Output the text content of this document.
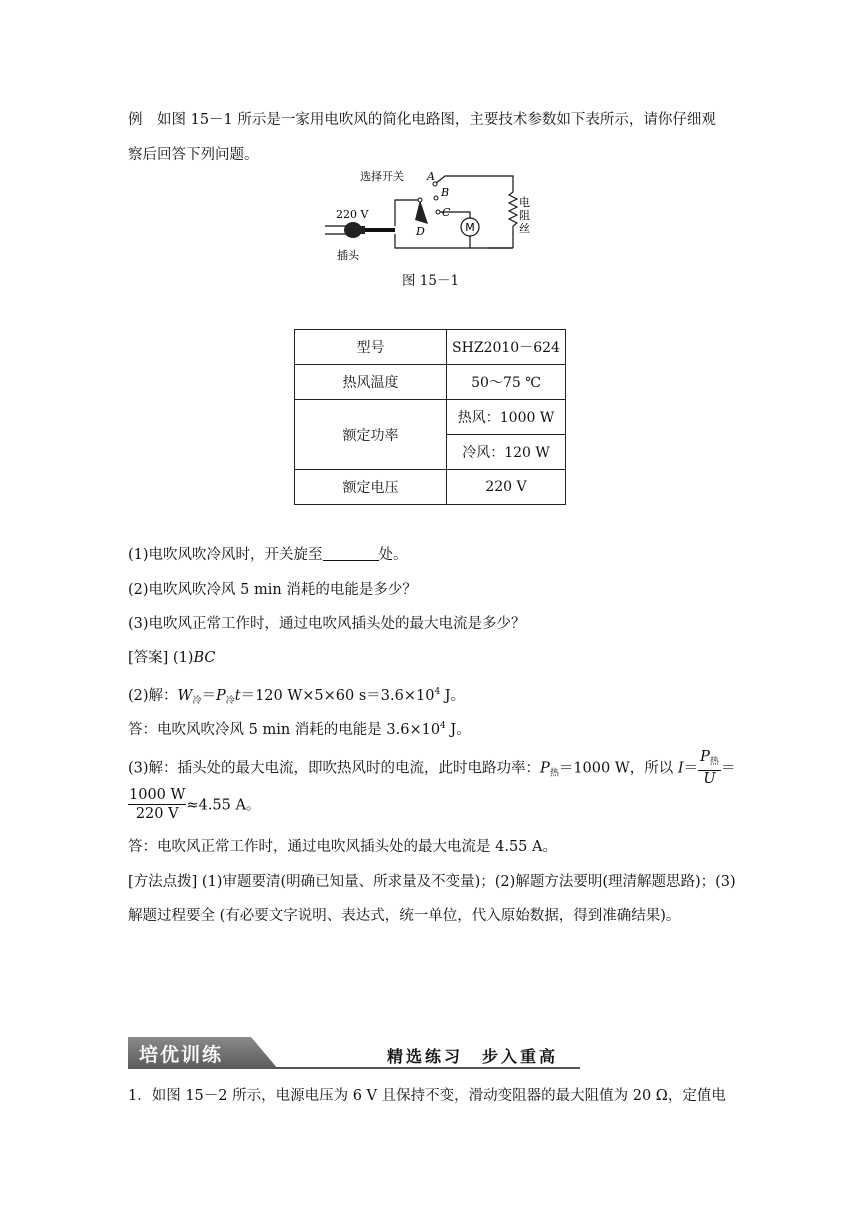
例　如图 15－1 所示是一家用电吹风的简化电路图，主要技术参数如下表所示，请你仔细观
察后回答下列问题。
M
选择开关 A
B
C
D
220 V
插头
电
阻
丝
图 15－1
型号	SHZ2010－624
热风温度	50～75 ℃
额定功率	热风：1000 W
	冷风：120 W
额定电压	220 V
(1)电吹风吹冷风时，开关旋至	处。
(2)电吹风吹冷风 5 min 消耗的电能是多少？
(3)电吹风正常工作时，通过电吹风插头处的最大电流是多少？
[答案] (1)BC
(2)解：$W_冷=P_冷t=120$ W×5×60 $s=3.6\times 10^4$ J。
答：电吹风吹冷风 5 min 消耗的电能是 $3.6\times 10^4$ J。
(3)解：插头处的最大电流，即吹热风时的电流，此时电路功率：$P_热=1000$ W，所以 $I= \frac{P_热}{U}$ ＝
$\frac{1000 W}{220 V} \approx 4.55$ A。
答：电吹风正常工作时，通过电吹风插头处的最大电流是 4.55 A。
[方法点拨] (1)审题要清(明确已知量、所求量及不变量)；(2)解题方法要明(理清解题思路)；(3)
解题过程要全 (有必要文字说明、表达式，统一单位，代入原始数据，得到准确结果)。
培优训练	精选练习　步入重高
1．如图 15－2 所示，电源电压为 6 V 且保持不变，滑动变阻器的最大阻值为 20 Ω，定值电
